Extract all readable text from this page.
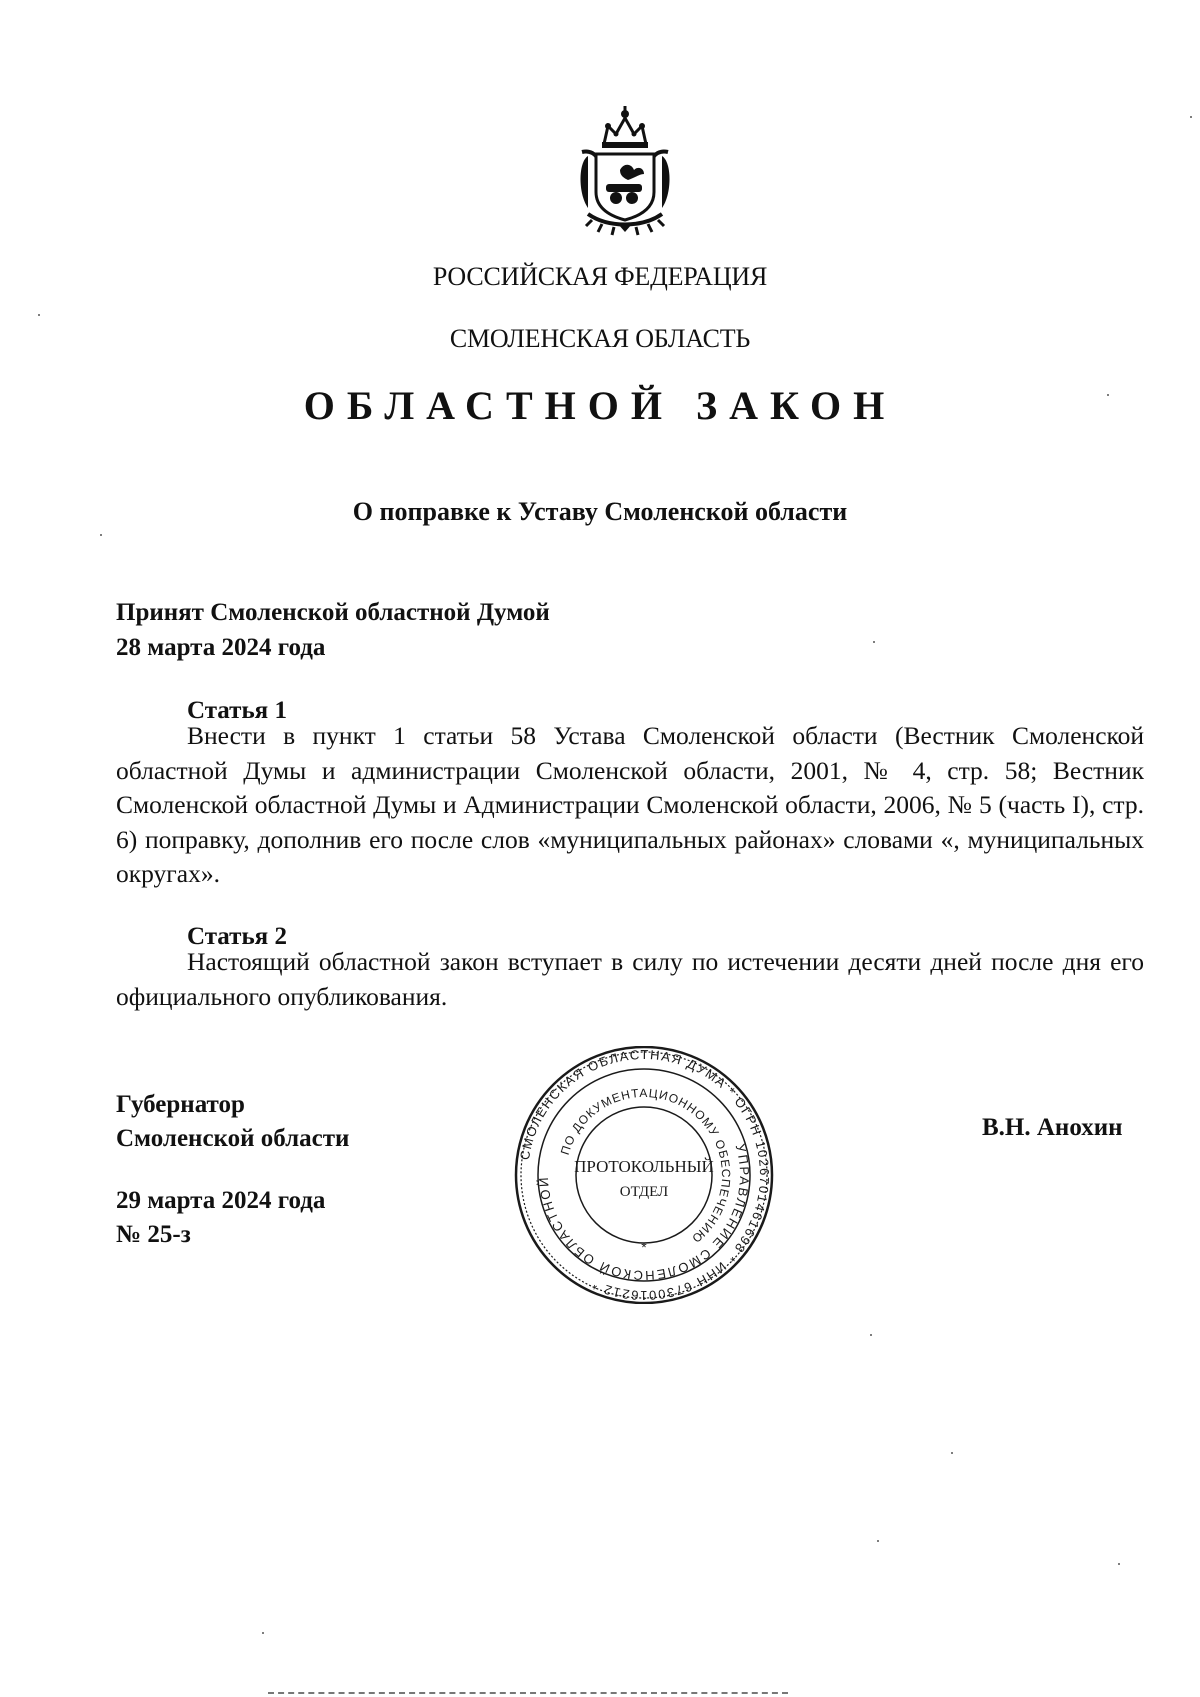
РОССИЙСКАЯ ФЕДЕРАЦИЯ
СМОЛЕНСКАЯ ОБЛАСТЬ
ОБЛАСТНОЙ ЗАКОН
О поправке к Уставу Смоленской области
Принят Смоленской областной Думой
28 марта 2024 года
Статья 1
Внести в пункт 1 статьи 58 Устава Смоленской области (Вестник Смоленской областной Думы и администрации Смоленской области, 2001, № 4, стр. 58; Вестник Смоленской областной Думы и Администрации Смоленской области, 2006, № 5 (часть I), стр. 6) поправку, дополнив его после слов «муниципальных районах» словами «, муниципальных округах».
Статья 2
Настоящий областной закон вступает в силу по истечении десяти дней после дня его официального опубликования.
Губернатор
Смоленской области	В.Н. Анохин
29 марта 2024 года
№ 25-з
СМОЛЕНСКАЯ ОБЛАСТНАЯ ДУМА * ОГРН 1026701461698 * ИНН 6730016212 *
УПРАВЛЕНИЕ СМОЛЕНСКОЙ ОБЛАСТНОЙ
ПО ДОКУМЕНТАЦИОННОМУ ОБЕСПЕЧЕНИЮ
ПРОТОКОЛЬНЫЙ
ОТДЕЛ
*
